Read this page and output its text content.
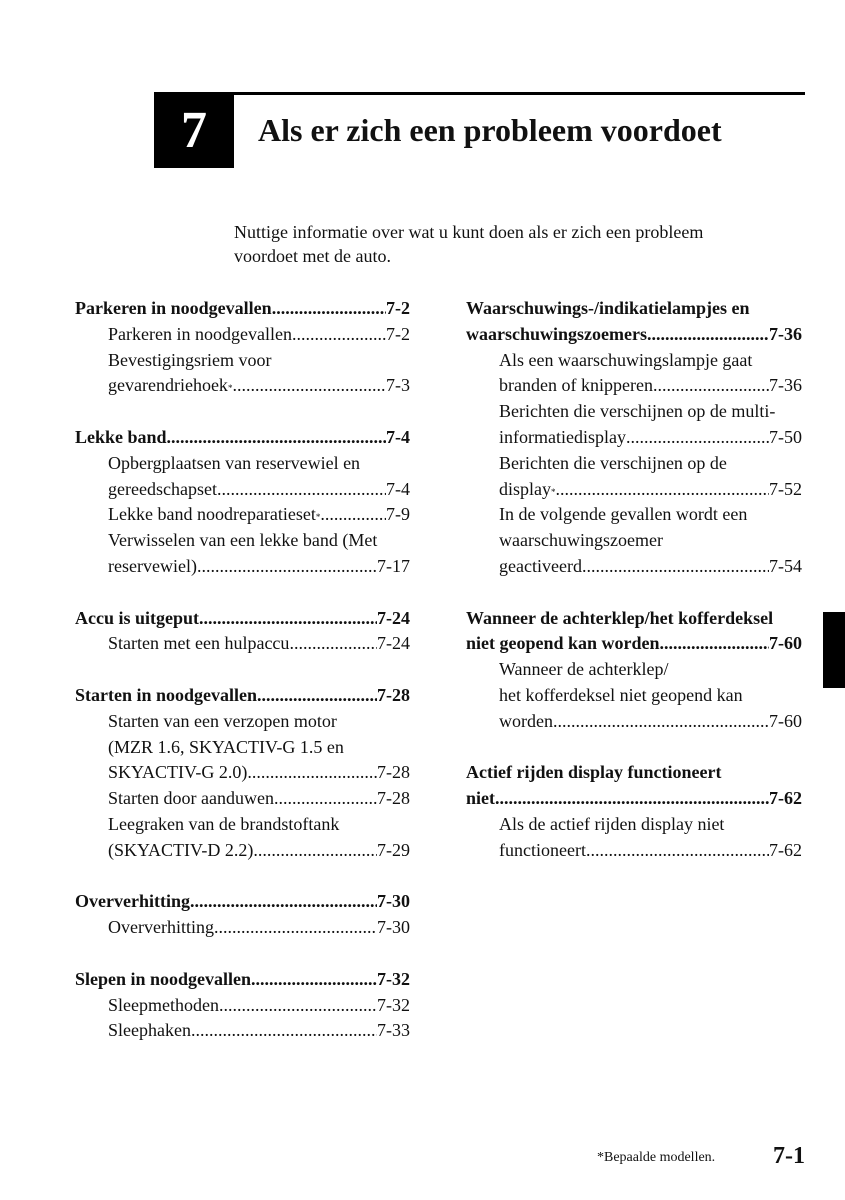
7	Als er zich een probleem voordoet
Nuttige informatie over wat u kunt doen als er zich een probleem
voordoet met de auto.
Parkeren in noodgevallen .....	7-2
Parkeren in noodgevallen .....	7-2
Bevestigingsriem voor
gevarendriehoek * .....	7-3
Lekke band .....	7-4
Opbergplaatsen van reservewiel en
gereedschapset .....	7-4
Lekke band noodreparatieset * .....	7-9
Verwisselen van een lekke band (Met
reservewiel) .....	7-17
Accu is uitgeput .....	7-24
Starten met een hulpaccu .....	7-24
Starten in noodgevallen .....	7-28
Starten van een verzopen motor
(MZR 1.6, SKYACTIV-G 1.5 en
SKYACTIV-G 2.0) .....	7-28
Starten door aanduwen .....	7-28
Leegraken van de brandstoftank
(SKYACTIV-D 2.2) .....	7-29
Oververhitting .....	7-30
Oververhitting .....	7-30
Slepen in noodgevallen .....	7-32
Sleepmethoden .....	7-32
Sleephaken .....	7-33
Waarschuwings-/indikatielampjes en
waarschuwingszoemers .....	7-36
Als een waarschuwingslampje gaat
branden of knipperen .....	7-36
Berichten die verschijnen op de multi-
informatiedisplay .....	7-50
Berichten die verschijnen op de
display * .....	7-52
In de volgende gevallen wordt een
waarschuwingszoemer
geactiveerd .....	7-54
Wanneer de achterklep/het kofferdeksel
niet geopend kan worden .....	7-60
Wanneer de achterklep/
het kofferdeksel niet geopend kan
worden .....	7-60
Actief rijden display functioneert
niet .....	7-62
Als de actief rijden display niet
functioneert .....	7-62
*Bepaalde modellen. 7-1
